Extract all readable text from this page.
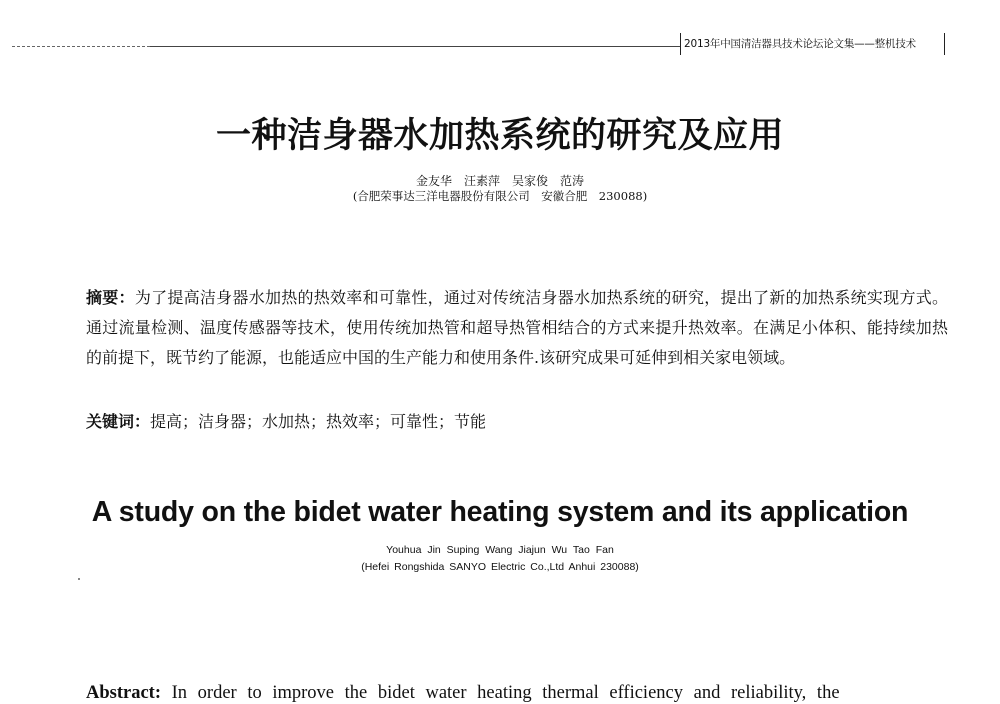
2013年中国清洁器具技术论坛论文集——整机技术
一种洁身器水加热系统的研究及应用
金友华　汪素萍　吴家俊　范涛
(合肥荣事达三洋电器股份有限公司　安徽合肥　230088)
摘要：为了提高洁身器水加热的热效率和可靠性，通过对传统洁身器水加热系统的研究，提出了新的加热系统实现方式。通过流量检测、温度传感器等技术，使用传统加热管和超导热管相结合的方式来提升热效率。在满足小体积、能持续加热的前提下，既节约了能源，也能适应中国的生产能力和使用条件.该研究成果可延伸到相关家电领域。
关键词：提高；洁身器；水加热；热效率；可靠性；节能
A study on the bidet water heating system and its application
Youhua Jin Suping Wang Jiajun Wu Tao Fan
(Hefei Rongshida SANYO Electric Co.,Ltd Anhui 230088)
Abstract: In order to improve the bidet water heating thermal efficiency and reliability, the
